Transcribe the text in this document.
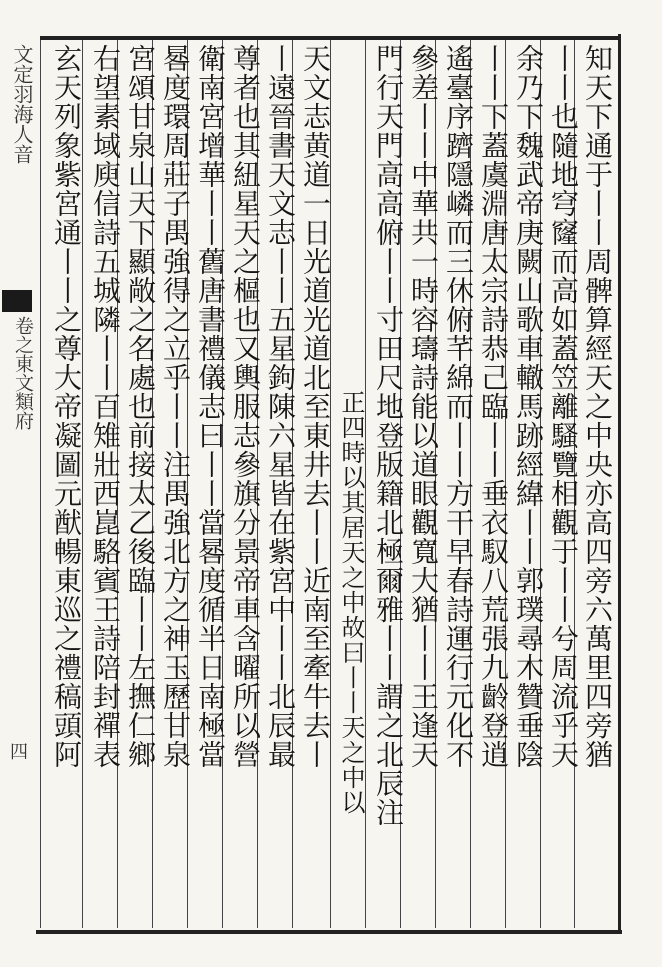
文定羽海人音
卷之東文類府
四	知天下通于丨丨周髀算經天之中央亦高四旁六萬里四旁猶
丨丨也隨地穹窿而高如蓋笠離騷覽相觀于丨丨兮周流乎天
余乃下魏武帝庚闕山歌車轍馬跡經緯丨丨郭璞尋木贊垂陰
丨丨下蓋虞淵唐太宗詩恭己臨丨丨垂衣馭八荒張九齡登逍
遙臺序躋隱嶙而三休俯芊綿而丨丨方干早春詩運行元化不
參差丨丨中華共一時容璹詩能以道眼觀寬大猶丨丨王逢天
門行天門高高俯丨丨寸田尺地登版籍北極爾雅丨丨謂之北辰注
正四時以其居天之中故曰丨丨天之中以
天文志黄道一日光道光道北至東井去丨丨近南至牽牛去丨
丨遠晉書天文志丨丨五星鉤陳六星皆在紫宮中丨丨北辰最
尊者也其紐星天之樞也又輿服志參旗分景帝車含曜所以營
衛南宮增華丨丨舊唐書禮儀志曰丨丨當晷度循半日南極當
晷度環周莊子禺強得之立乎丨丨注禺強北方之神玉歷甘泉
宮頌甘泉山天下顯敞之名處也前接太乙後臨丨丨左撫仁鄉
右望素域庾信詩五城隣丨丨百雉壯西崑駱賓王詩陪封禪表
玄天列象紫宮通丨丨之尊大帝凝圖元猷暢東巡之禮稿頭阿
